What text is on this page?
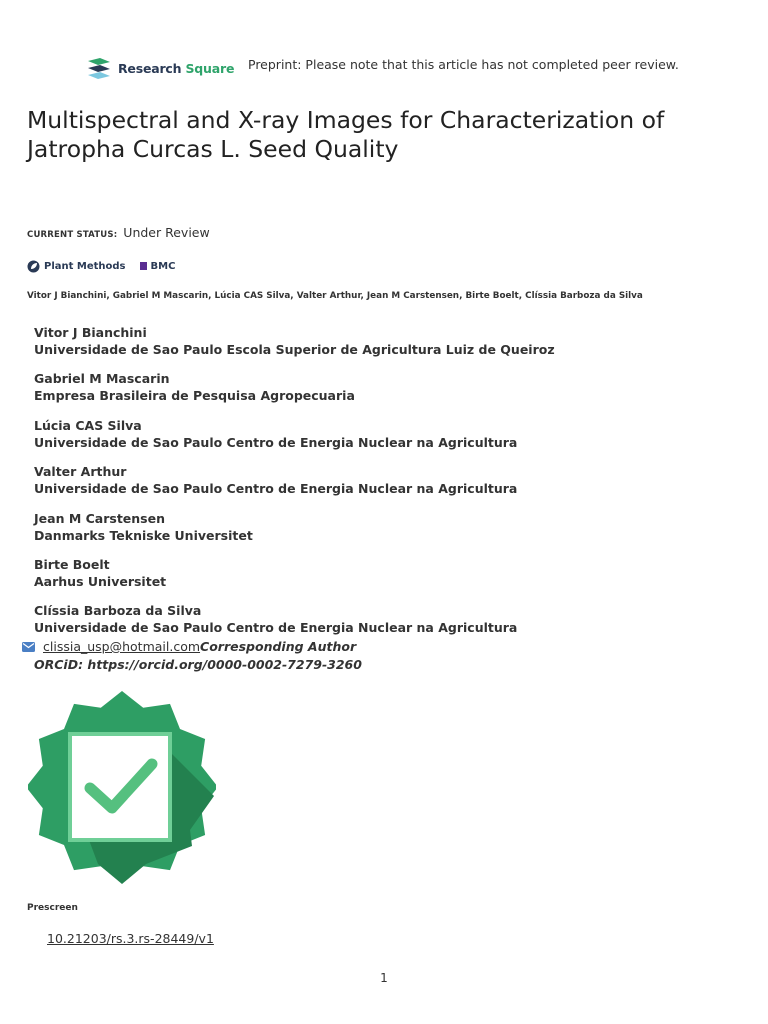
Research Square Preprint: Please note that this article has not completed peer review.
Multispectral and X-ray Images for Characterization of Jatropha Curcas L. Seed Quality
CURRENT STATUS: Under Review
Plant Methods	BMC
Vitor J Bianchini, Gabriel M Mascarin, Lúcia CAS Silva, Valter Arthur, Jean M Carstensen, Birte Boelt, Clíssia Barboza da Silva
Vitor J Bianchini
Universidade de Sao Paulo Escola Superior de Agricultura Luiz de Queiroz
Gabriel M Mascarin
Empresa Brasileira de Pesquisa Agropecuaria
Lúcia CAS Silva
Universidade de Sao Paulo Centro de Energia Nuclear na Agricultura
Valter Arthur
Universidade de Sao Paulo Centro de Energia Nuclear na Agricultura
Jean M Carstensen
Danmarks Tekniske Universitet
Birte Boelt
Aarhus Universitet
Clíssia Barboza da Silva
Universidade de Sao Paulo Centro de Energia Nuclear na Agricultura
clissia_usp@hotmail.com Corresponding Author
ORCiD: https://orcid.org/0000-0002-7279-3260
Prescreen
10.21203/rs.3.rs-28449/v1
1
